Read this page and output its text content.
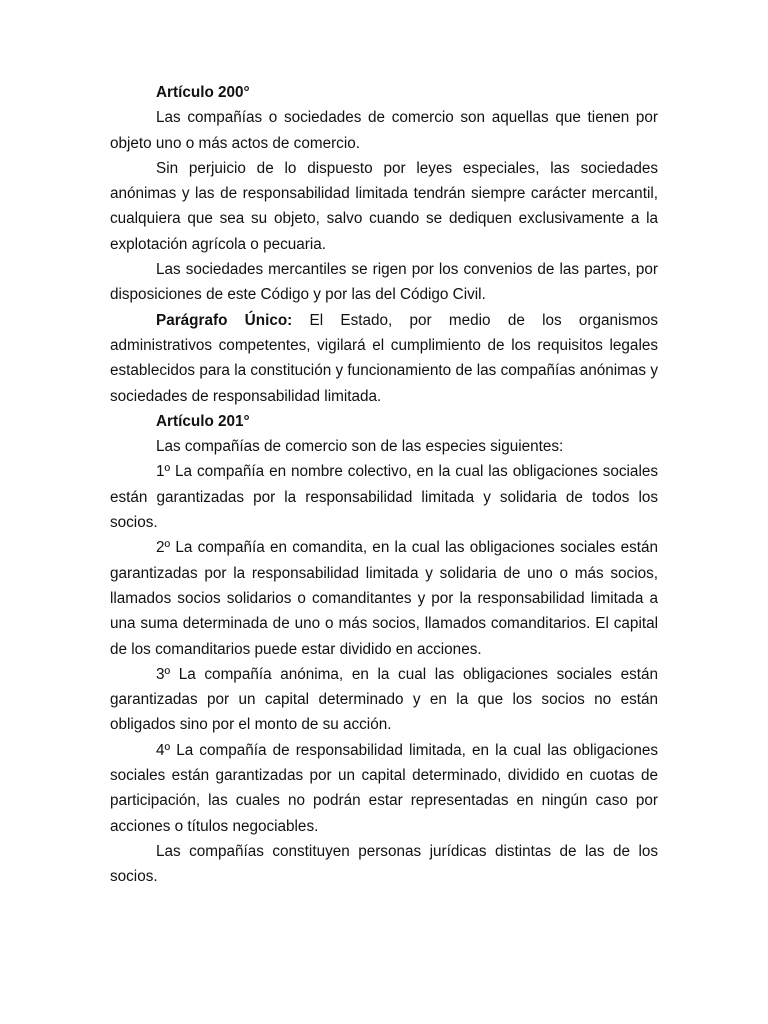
Artículo 200°

Las compañías o sociedades de comercio son aquellas que tienen por objeto uno o más actos de comercio.

Sin perjuicio de lo dispuesto por leyes especiales, las sociedades anónimas y las de responsabilidad limitada tendrán siempre carácter mercantil, cualquiera que sea su objeto, salvo cuando se dediquen exclusivamente a la explotación agrícola o pecuaria.

Las sociedades mercantiles se rigen por los convenios de las partes, por disposiciones de este Código y por las del Código Civil.

Parágrafo Único: El Estado, por medio de los organismos administrativos competentes, vigilará el cumplimiento de los requisitos legales establecidos para la constitución y funcionamiento de las compañías anónimas y sociedades de responsabilidad limitada.

Artículo 201°

Las compañías de comercio son de las especies siguientes:

1º La compañía en nombre colectivo, en la cual las obligaciones sociales están garantizadas por la responsabilidad limitada y solidaria de todos los socios.

2º La compañía en comandita, en la cual las obligaciones sociales están garantizadas por la responsabilidad limitada y solidaria de uno o más socios, llamados socios solidarios o comanditantes y por la responsabilidad limitada a una suma determinada de uno o más socios, llamados comanditarios. El capital de los comanditarios puede estar dividido en acciones.

3º La compañía anónima, en la cual las obligaciones sociales están garantizadas por un capital determinado y en la que los socios no están obligados sino por el monto de su acción.

4º La compañía de responsabilidad limitada, en la cual las obligaciones sociales están garantizadas por un capital determinado, dividido en cuotas de participación, las cuales no podrán estar representadas en ningún caso por acciones o títulos negociables.

Las compañías constituyen personas jurídicas distintas de las de los socios.
